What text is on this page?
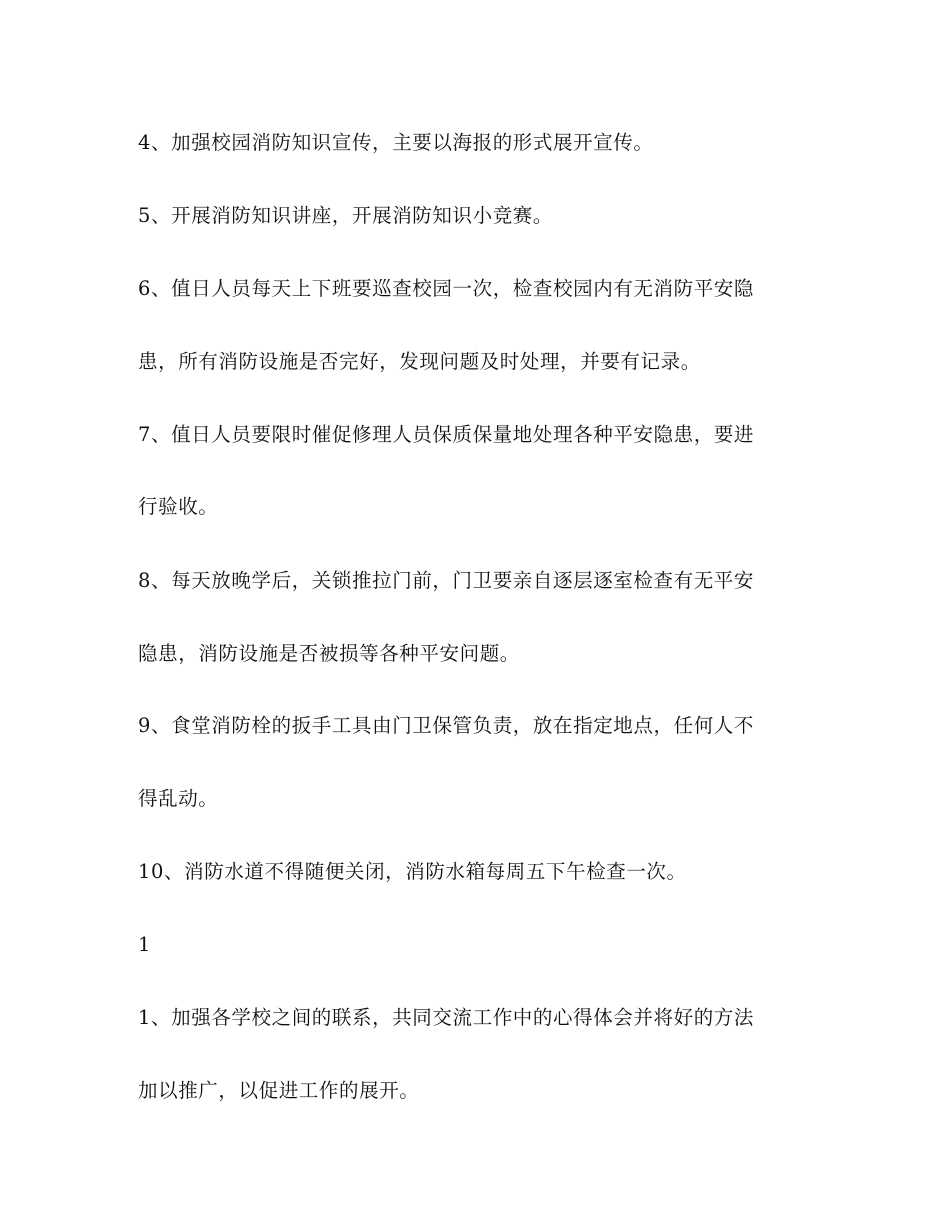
4、加强校园消防知识宣传，主要以海报的形式展开宣传。
5、开展消防知识讲座，开展消防知识小竞赛。
6、值日人员每天上下班要巡查校园一次，检查校园内有无消防平安隐
患，所有消防设施是否完好，发现问题及时处理，并要有记录。
7、值日人员要限时催促修理人员保质保量地处理各种平安隐患，要进
行验收。
8、每天放晚学后，关锁推拉门前，门卫要亲自逐层逐室检查有无平安
隐患，消防设施是否被损等各种平安问题。
9、食堂消防栓的扳手工具由门卫保管负责，放在指定地点，任何人不
得乱动。
10、消防水道不得随便关闭，消防水箱每周五下午检查一次。
1
1、加强各学校之间的联系，共同交流工作中的心得体会并将好的方法
加以推广，以促进工作的展开。
